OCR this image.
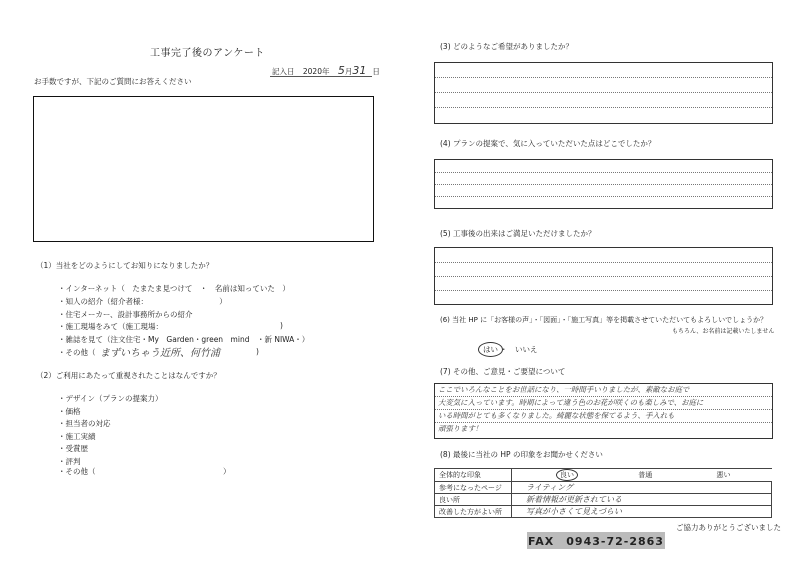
工事完了後のアンケート
記入日 2020年 5月31 日
お手数ですが、下記のご質問にお答えください
（1）当社をどのようにしてお知りになりましたか？
・インターネット（　たまたま見つけて　・　名前は知っていた　）
・知人の紹介（紹介者様：　　　　　　　　　　）
・住宅メーカー、設計事務所からの紹介
・施工現場をみて（施工現場：	)
・雑誌を見て（注文住宅・My　Garden・green　mind　・新 NIWA・）
・その他（ まずいちゃう近所、何竹浦	)
（2）ご利用にあたって重視されたことはなんですか？
・デザイン（プランの提案力）
・価格
・担当者の対応
・施工実績
・受賞歴
・評判
・その他（　　　　　　　　　　　　　　　　　）
(3) どのようなご希望がありましたか？
(4) プランの提案で、気に入っていただいた点はどこでしたか？
(5) 工事後の出来はご満足いただけましたか？
(6) 当社 HP に「お客様の声」・「図面」・「施工写真」等を掲載させていただいてもよろしいでしょうか？
もちろん、お名前は記載いたしません
はい ・　いいえ
(7) その他、ご意見・ご要望について
ここでいろんなことをお世話になり、一時間手いりましたが、素敵なお庭で
大変気に入っています。時期によって違う色のお花が咲くのも楽しみで、お庭に
いる時間がとても多くなりました。綺麗な状態を保てるよう、手入れも
頑張ります！
(8) 最後に当社の HP の印象をお聞かせください
全体的な印象	良い 普通 悪い
参考になったページ	ライティング
良い所	新着情報が更新されている
改善した方がよい所	写真が小さくて見えづらい
ご協力ありがとうございました
FAX　0943-72-2863
